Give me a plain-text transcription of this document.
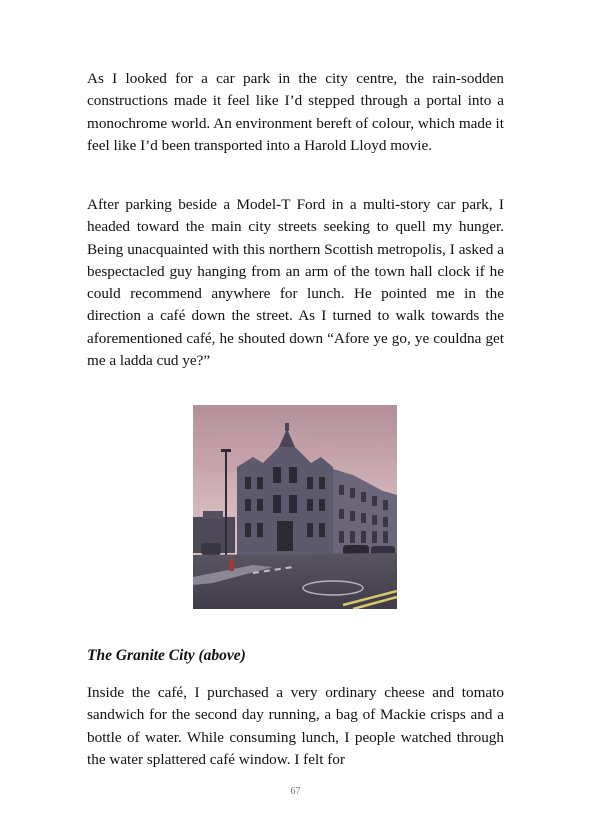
As I looked for a car park in the city centre, the rain-sodden constructions made it feel like I’d stepped through a portal into a monochrome world. An environment bereft of colour, which made it feel like I’d been transported into a Harold Lloyd movie.

After parking beside a Model-T Ford in a multi-story car park, I headed toward the main city streets seeking to quell my hunger. Being unacquainted with this northern Scottish metropolis, I asked a bespectacled guy hanging from an arm of the town hall clock if he could recommend anywhere for lunch. He pointed me in the direction a café down the street. As I turned to walk towards the aforementioned café, he shouted down “Afore ye go, ye couldna get me a ladda cud ye?”

The Granite City (above)

Inside the café, I purchased a very ordinary cheese and tomato sandwich for the second day running, a bag of Mackie crisps and a bottle of water. While consuming lunch, I people watched through the water splattered café window. I felt for

67
